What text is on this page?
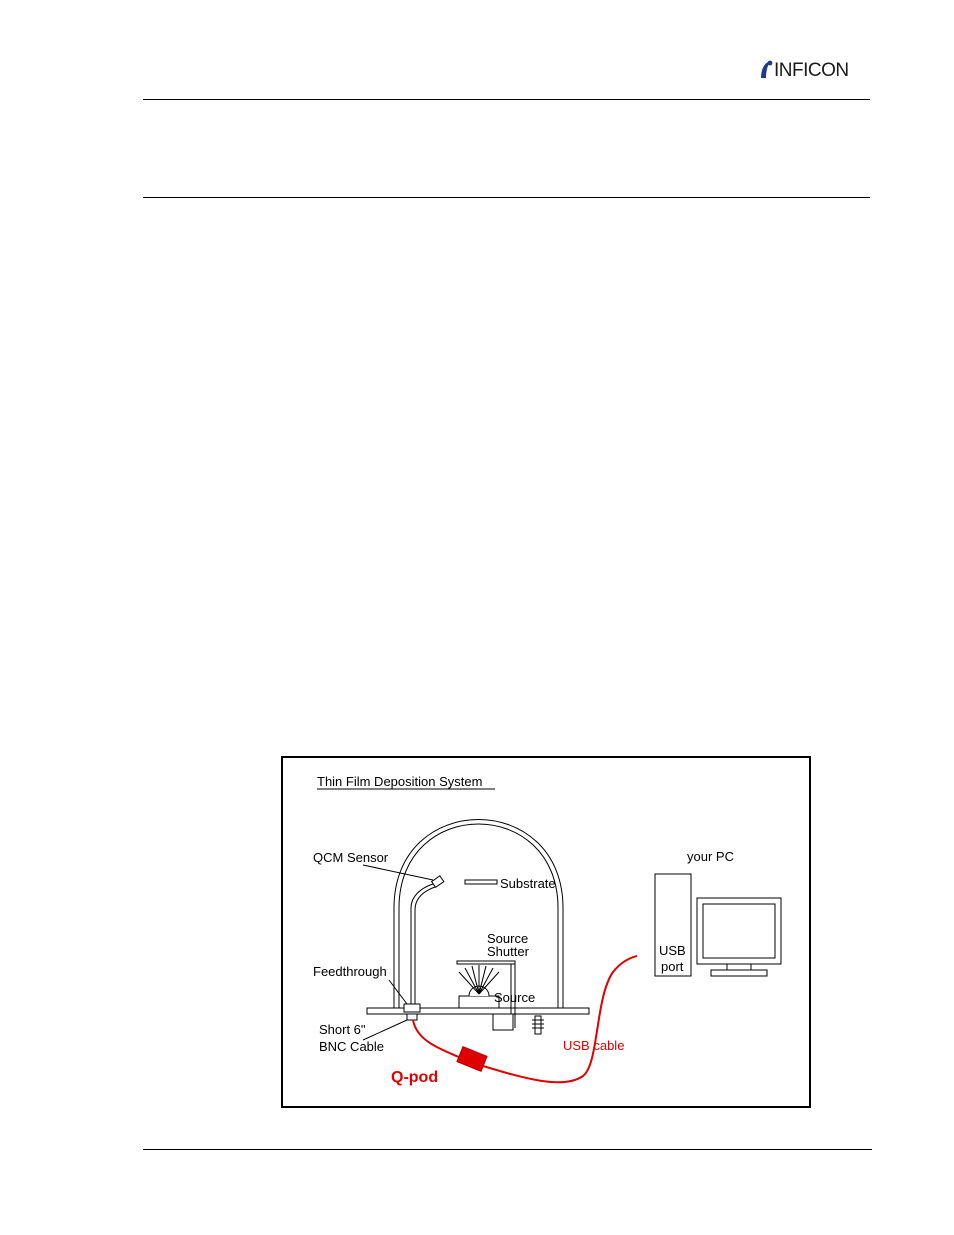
INFICON
Thin Film Deposition System
Substrate
QCM Sensor
Source
Shutter
Source
Feedthrough
Short 6"
BNC Cable
Q-pod
USB cable
USB
port
your PC
